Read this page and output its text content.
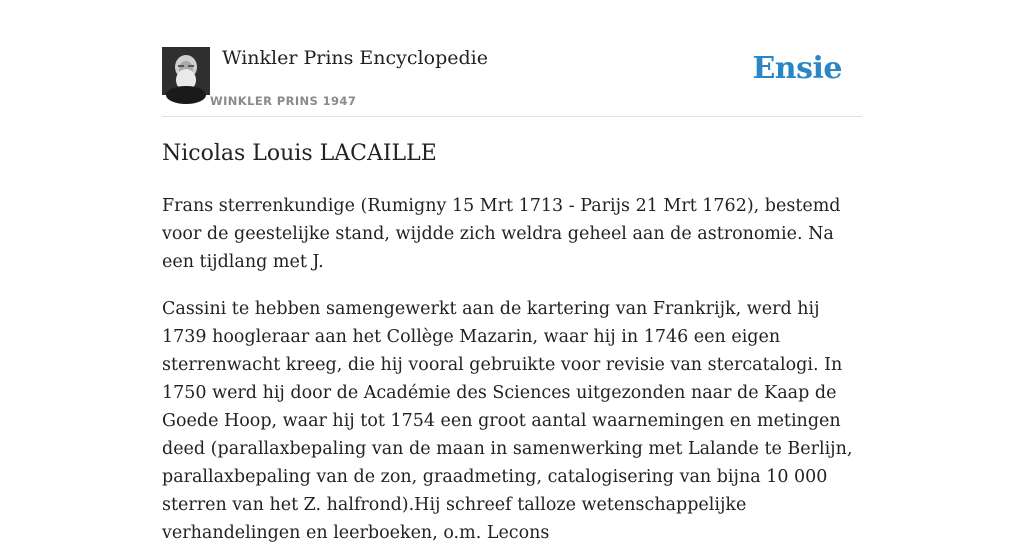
Winkler Prins Encyclopedie
WINKLER PRINS 1947
Ensie
Nicolas Louis LACAILLE

Frans sterrenkundige (Rumigny 15 Mrt 1713 - Parijs 21 Mrt 1762), bestemd voor de geestelijke stand, wijdde zich weldra geheel aan de astronomie. Na een tijdlang met J.

Cassini te hebben samengewerkt aan de kartering van Frankrijk, werd hij 1739 hoogleraar aan het Collège Mazarin, waar hij in 1746 een eigen sterrenwacht kreeg, die hij vooral gebruikte voor revisie van stercatalogi. In 1750 werd hij door de Académie des Sciences uitgezonden naar de Kaap de Goede Hoop, waar hij tot 1754 een groot aantal waarnemingen en metingen deed (parallaxbepaling van de maan in samenwerking met Lalande te Berlijn, parallaxbepaling van de zon, graadmeting, catalogisering van bijna 10 000 sterren van het Z. halfrond).Hij schreef talloze wetenschappelijke verhandelingen en leerboeken, o.m. Lecons
